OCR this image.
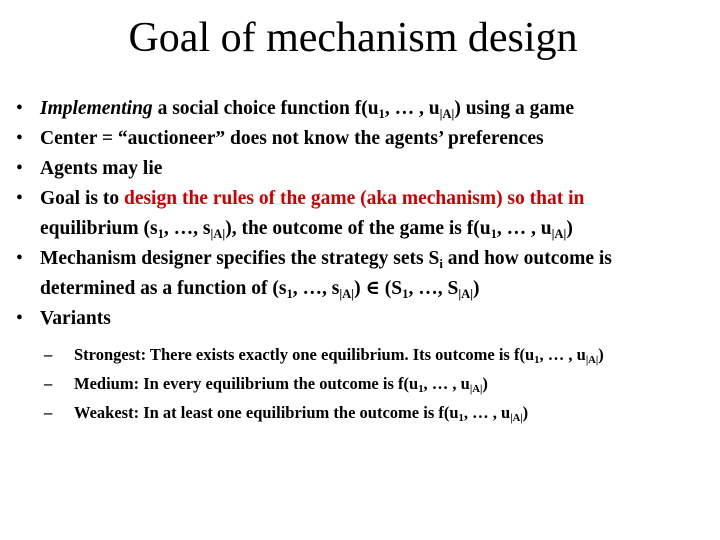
Goal of mechanism design
• Implementing a social choice function $f(u_1$, … , $u_{|A|}$) using a game
• Center = “auctioneer” does not know the agents’ preferences
• Agents may lie
• Goal is to design the rules of the game (aka mechanism) so that in
equilibrium ($s_1$, …, $s_{|A|}$), the outcome of the game is $f(u_1$, … , $u_{|A|}$)
• Mechanism designer specifies the strategy sets $S_i$ and how outcome is
determined as a function of ($s_1$, …, $s_{|A|}$) ∈ ($S_1$, …, $S_{|A|}$)
• Variants
– Strongest: There exists exactly one equilibrium. Its outcome is $f(u_1$, … , $u_{|A|}$)
– Medium: In every equilibrium the outcome is $f(u_1$, … , $u_{|A|}$)
– Weakest: In at least one equilibrium the outcome is $f(u_1$, … , $u_{|A|}$)
